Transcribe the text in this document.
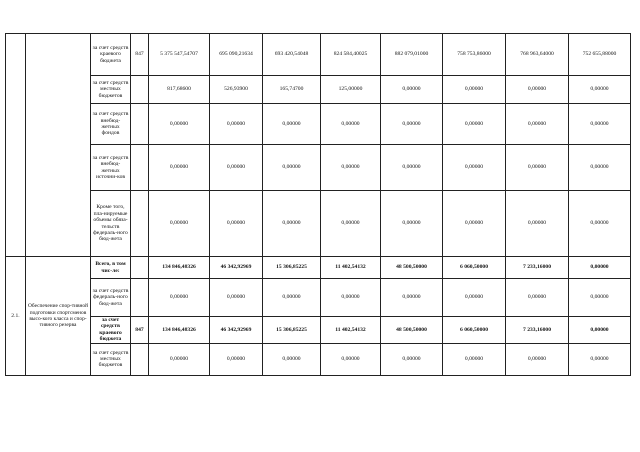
		за счет средств краевого бюджета	847	5 375 547,54707	695 090,21634	693 420,54048	824 584,40025	882 079,01000	758 753,86000	768 963,64000	752 655,88000
		за счет средств местных бюджетов		817,68600	526,93900	165,74700	125,00000	0,00000	0,00000	0,00000	0,00000
		за счет средств внебюд-жетных фондов		0,00000	0,00000	0,00000	0,00000	0,00000	0,00000	0,00000	0,00000
		за счет средств внебюд-жетных источни-ков		0,00000	0,00000	0,00000	0,00000	0,00000	0,00000	0,00000	0,00000
		Кроме того, пла-нируемые объемы обяза-тельств федераль-ного бюд-жета		0,00000	0,00000	0,00000	0,00000	0,00000	0,00000	0,00000	0,00000
2.1.	Обеспечение спор-тивной подготовки спортсменов высо-кого класса и спор-тивного резерва	Всего, в том чис-ле:		134 846,48326	46 342,92969	15 306,85225	11 402,54132	48 500,50000	6 060,50000	7 233,16000	0,00000
		за счет средств федераль-ного бюд-жета		0,00000	0,00000	0,00000	0,00000	0,00000	0,00000	0,00000	0,00000
		за счет средств краевого бюджета	847	134 846,48326	46 342,92969	15 306,85225	11 402,54132	48 500,50000	6 060,50000	7 233,16000	0,00000
		за счет средств местных бюджетов		0,00000	0,00000	0,00000	0,00000	0,00000	0,00000	0,00000	0,00000
